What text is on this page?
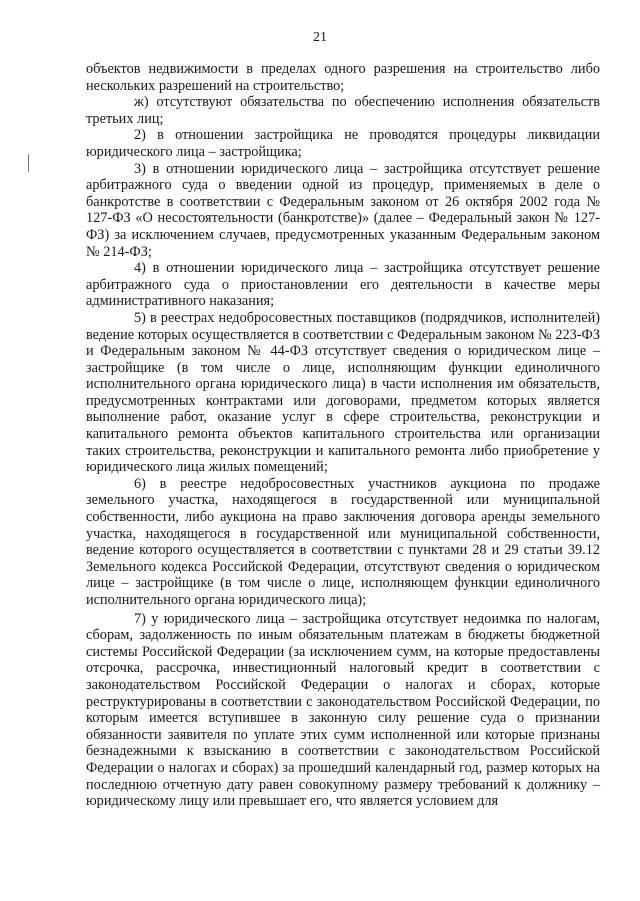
21

объектов недвижимости в пределах одного разрешения на строительство либо нескольких разрешений на строительство;

ж) отсутствуют обязательства по обеспечению исполнения обязательств третьих лиц;

2) в отношении застройщика не проводятся процедуры ликвидации юридического лица – застройщика;

3) в отношении юридического лица – застройщика отсутствует решение арбитражного суда о введении одной из процедур, применяемых в деле о банкротстве в соответствии с Федеральным законом от 26 октября 2002 года № 127-ФЗ «О несостоятельности (банкротстве)» (далее – Федеральный закон № 127-ФЗ) за исключением случаев, предусмотренных указанным Федеральным законом № 214-ФЗ;

4) в отношении юридического лица – застройщика отсутствует решение арбитражного суда о приостановлении его деятельности в качестве меры административного наказания;

5) в реестрах недобросовестных поставщиков (подрядчиков, исполнителей) ведение которых осуществляется в соответствии с Федеральным законом № 223-ФЗ и Федеральным законом № 44-ФЗ отсутствует сведения о юридическом лице – застройщике (в том числе о лице, исполняющим функции единоличного исполнительного органа юридического лица) в части исполнения им обязательств, предусмотренных контрактами или договорами, предметом которых является выполнение работ, оказание услуг в сфере строительства, реконструкции и капитального ремонта объектов капитального строительства или организации таких строительства, реконструкции и капитального ремонта либо приобретение у юридического лица жилых помещений;

6) в реестре недобросовестных участников аукциона по продаже земельного участка, находящегося в государственной или муниципальной собственности, либо аукциона на право заключения договора аренды земельного участка, находящегося в государственной или муниципальной собственности, ведение которого осуществляется в соответствии с пунктами 28 и 29 статьи 39.12 Земельного кодекса Российской Федерации, отсутствуют сведения о юридическом лице – застройщике (в том числе о лице, исполняющем функции единоличного исполнительного органа юридического лица);

7) у юридического лица – застройщика отсутствует недоимка по налогам, сборам, задолженность по иным обязательным платежам в бюджеты бюджетной системы Российской Федерации (за исключением сумм, на которые предоставлены отсрочка, рассрочка, инвестиционный налоговый кредит в соответствии с законодательством Российской Федерации о налогах и сборах, которые реструктурированы в соответствии с законодательством Российской Федерации, по которым имеется вступившее в законную силу решение суда о признании обязанности заявителя по уплате этих сумм исполненной или которые признаны безнадежными к взысканию в соответствии с законодательством Российской Федерации о налогах и сборах) за прошедший календарный год, размер которых на последнюю отчетную дату равен совокупному размеру требований к должнику – юридическому лицу или превышает его, что является условием для
